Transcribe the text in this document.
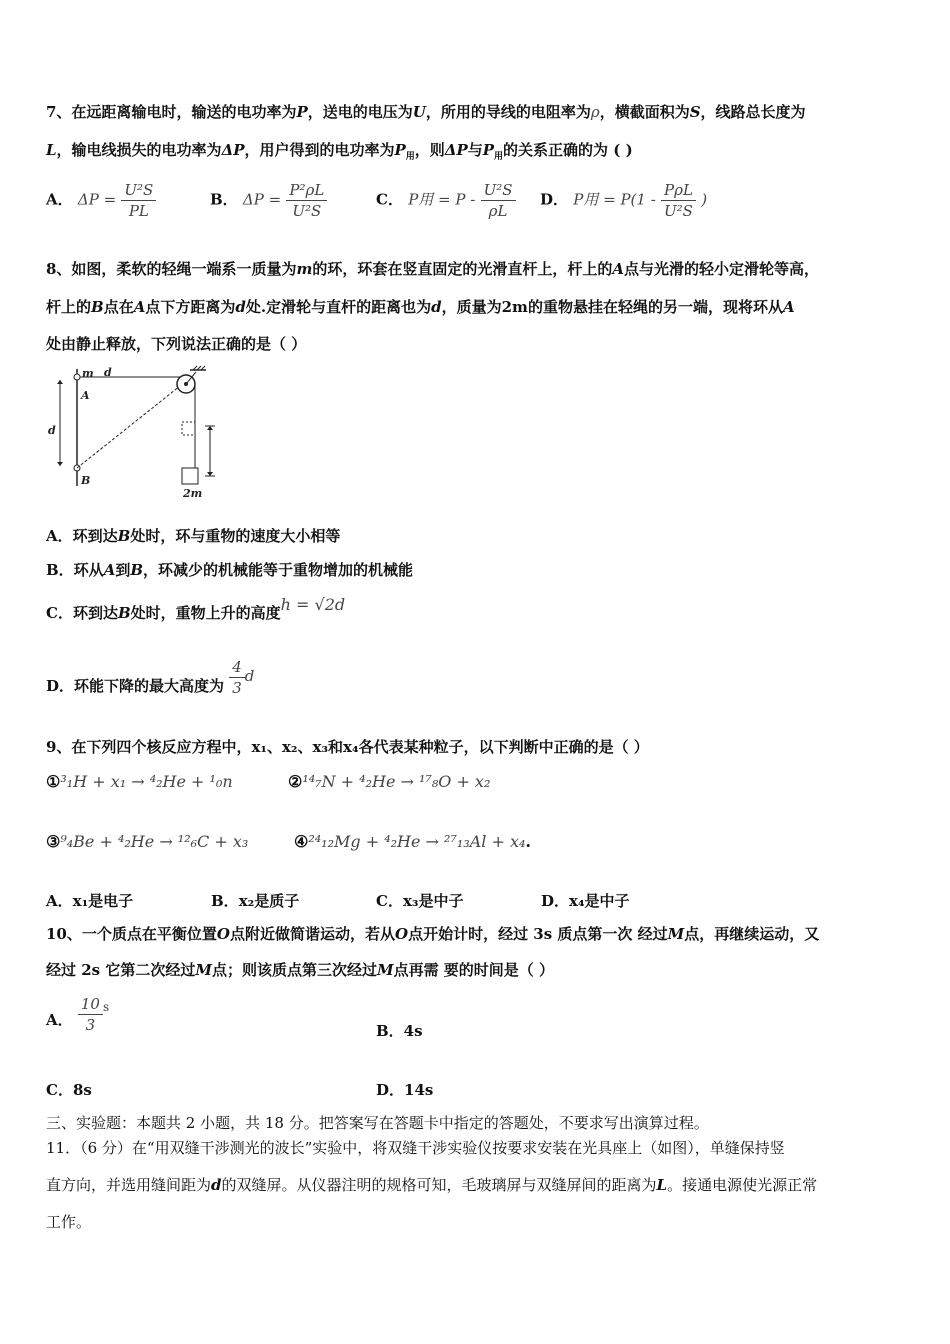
7、在远距离输电时，输送的电功率为P，送电的电压为U，所用的导线的电阻率为ρ，横截面积为S，线路总长度为
L，输电线损失的电功率为ΔP，用户得到的电功率为$P_用$，则ΔP与$P_用$的关系正确的为 ( )
A． $\Delta P = \frac{\text{U²S}}{PL}$	B． $\Delta P = \frac{\text{P²ρL}}{\text{U²S}}$	C． P用 = P - $\frac{\text{U²S}}{\rho L}$ D． P用 = $P(1 - \frac{\text{PρL}}{\text{U²S}}$ )
8、如图，柔软的轻绳一端系一质量为m的环，环套在竖直固定的光滑直杆上，杆上的A点与光滑的轻小定滑轮等高，
杆上的B点在A点下方距离为d处.定滑轮与直杆的距离也为d，质量为2m的重物悬挂在轻绳的另一端，现将环从A
处由静止释放，下列说法正确的是（ ）
m d
A
d
B
2m
A．环到达B处时，环与重物的速度大小相等
B．环从A到B，环减少的机械能等于重物增加的机械能
C．环到达B处时，重物上升的高度h = √2d
D．环能下降的最大高度为 $\frac{4}{3}$ d
9、在下列四个核反应方程中，x₁、x₂、x₃和x₄各代表某种粒子，以下判断中正确的是（ ）
①³₁H + x₁ → ⁴₂He + ¹₀n	②¹⁴₇N + ⁴₂He → ¹⁷₈O + x₂
③⁹₄Be + ⁴₂He → ¹²₆C + x₃	④²⁴₁₂Mg + ⁴₂He → ²⁷₁₃Al + x₄.
A．x₁是电子	B．x₂是质子	C．x₃是中子	D．x₄是中子
10、一个质点在平衡位置O点附近做简谐运动，若从O点开始计时，经过 3s 质点第一次 经过M点，再继续运动，又
经过 2s 它第二次经过M点；则该质点第三次经过M点再需 要的时间是（ ）
A． $\frac{10}{3} ^s$
B．4s
C．8s	D．14s
三、实验题：本题共 2 小题，共 18 分。把答案写在答题卡中指定的答题处，不要求写出演算过程。
11．（6 分）在“用双缝干涉测光的波长”实验中，将双缝干涉实验仪按要求安装在光具座上（如图），单缝保持竖
直方向，并选用缝间距为d的双缝屏。从仪器注明的规格可知，毛玻璃屏与双缝屏间的距离为L。接通电源使光源正常
工作。
